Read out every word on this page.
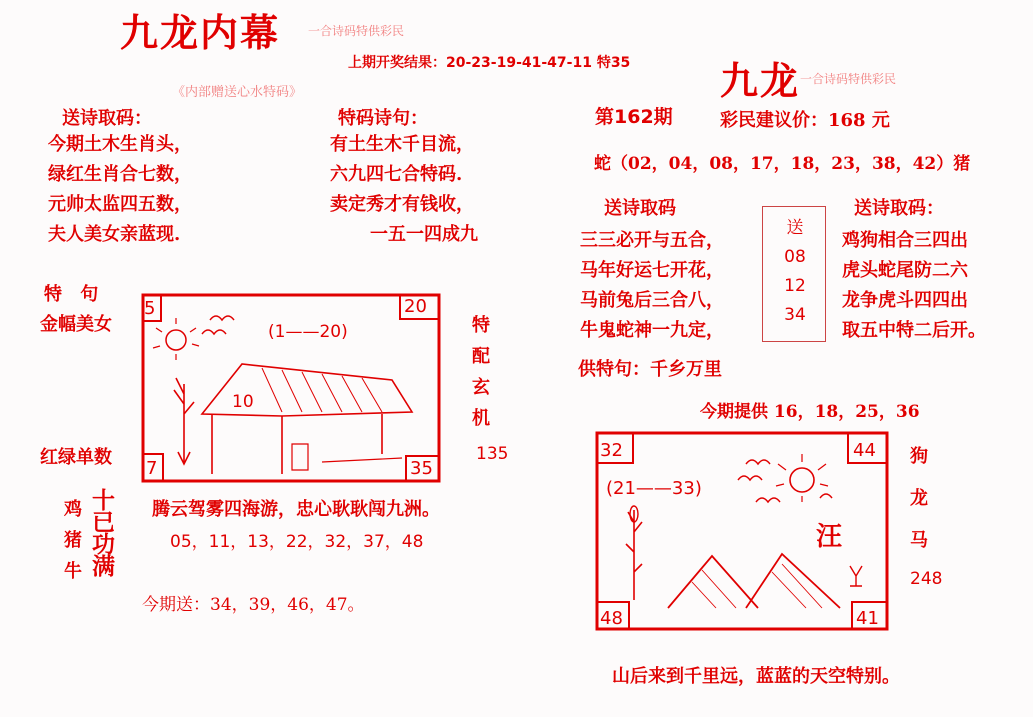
九龙内幕 一合诗码特供彩民
上期开奖结果：20-23-19-41-47-11 特35
《内部赠送心水特码》
送诗取码：
今期土木生肖头，
绿红生肖合七数，
元帅太监四五数，
夫人美女亲蓝现.
特码诗句：
有土生木千目流，
六九四七合特码.
卖定秀才有钱收，
一五一四成九
特 句
金幅美女
红绿单数
5	20
7	35
(1——20)
10
特
配
玄
机
135
鸡
猪
牛
十
已
功
满
腾云驾雾四海游，忠心耿耿闯九洲。
05，11，13，22，32，37，48
今期送：34，39，46，47。
九龙 一合诗码特供彩民
第162期	彩民建议价：168 元
蛇（02，04，08，17，18，23，38，42）猪
送诗取码	送诗取码：
三三必开与五合，
马年好运七开花，
马前兔后三合八，
牛鬼蛇神一九定，
送
08
12
34
鸡狗相合三四出
虎头蛇尾防二六
龙争虎斗四四出
取五中特二后开。
供特句：千乡万里
今期提供 16，18，25，36
32	44
48	41
(21——33)
汪
狗
龙
马
248
山后来到千里远，蓝蓝的天空特别。
